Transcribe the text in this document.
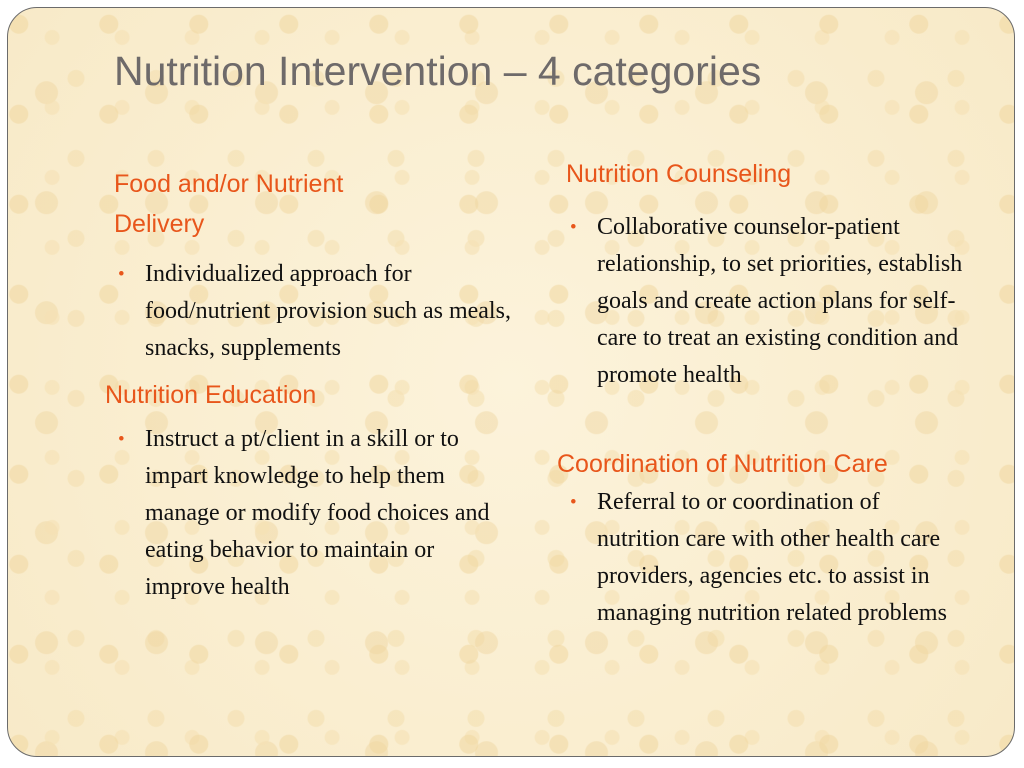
Nutrition Intervention – 4 categories
Food and/or Nutrient
Delivery

• Individualized approach for food/nutrient provision such as meals, snacks, supplements

Nutrition Education

• Instruct a pt/client in a skill or to impart knowledge to help them manage or modify food choices and eating behavior to maintain or improve health

Nutrition Counseling

• Collaborative counselor-patient relationship, to set priorities, establish goals and create action plans for self-care to treat an existing condition and promote health

Coordination of Nutrition Care

• Referral to or coordination of nutrition care with other health care providers, agencies etc. to assist in managing nutrition related problems
